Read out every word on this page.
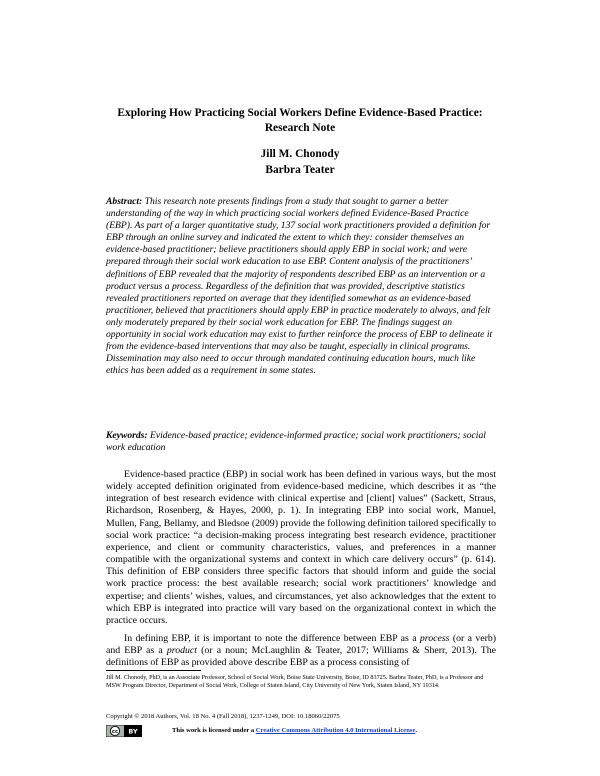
Exploring How Practicing Social Workers Define Evidence-Based Practice:
Research Note
Jill M. Chonody
Barbra Teater
Abstract: This research note presents findings from a study that sought to garner a better understanding of the way in which practicing social workers defined Evidence-Based Practice (EBP). As part of a larger quantitative study, 137 social work practitioners provided a definition for EBP through an online survey and indicated the extent to which they: consider themselves an evidence-based practitioner; believe practitioners should apply EBP in social work; and were prepared through their social work education to use EBP. Content analysis of the practitioners’ definitions of EBP revealed that the majority of respondents described EBP as an intervention or a product versus a process. Regardless of the definition that was provided, descriptive statistics revealed practitioners reported on average that they identified somewhat as an evidence-based practitioner, believed that practitioners should apply EBP in practice moderately to always, and felt only moderately prepared by their social work education for EBP. The findings suggest an opportunity in social work education may exist to further reinforce the process of EBP to delineate it from the evidence-based interventions that may also be taught, especially in clinical programs. Dissemination may also need to occur through mandated continuing education hours, much like ethics has been added as a requirement in some states.
Keywords: Evidence-based practice; evidence-informed practice; social work practitioners; social work education

Evidence-based practice (EBP) in social work has been defined in various ways, but the most widely accepted definition originated from evidence-based medicine, which describes it as “the integration of best research evidence with clinical expertise and [client] values” (Sackett, Straus, Richardson, Rosenberg, & Hayes, 2000, p. 1). In integrating EBP into social work, Manuel, Mullen, Fang, Bellamy, and Bledsoe (2009) provide the following definition tailored specifically to social work practice: “a decision-making process integrating best research evidence, practitioner experience, and client or community characteristics, values, and preferences in a manner compatible with the organizational systems and context in which care delivery occurs” (p. 614). This definition of EBP considers three specific factors that should inform and guide the social work practice process: the best available research; social work practitioners’ knowledge and expertise; and clients’ wishes, values, and circumstances, yet also acknowledges that the extent to which EBP is integrated into practice will vary based on the organizational context in which the practice occurs.

In defining EBP, it is important to note the difference between EBP as a process (or a verb) and EBP as a product (or a noun; McLaughlin & Teater, 2017; Williams & Sherr, 2013). The definitions of EBP as provided above describe EBP as a process consisting of

Jill M. Chonody, PhD, is an Associate Professor, School of Social Work, Boise State University, Boise, ID 83725. Barbra Teater, PhD, is a Professor and MSW Program Director, Department of Social Work, College of Staten Island, City University of New York, Staten Island, NY 10314.
Copyright © 2018 Authors, Vol. 18 No. 4 (Fall 2018), 1237-1249, DOI: 10.18060/22075
cc BY	This work is licensed under a Creative Commons Attribution 4.0 International License.
